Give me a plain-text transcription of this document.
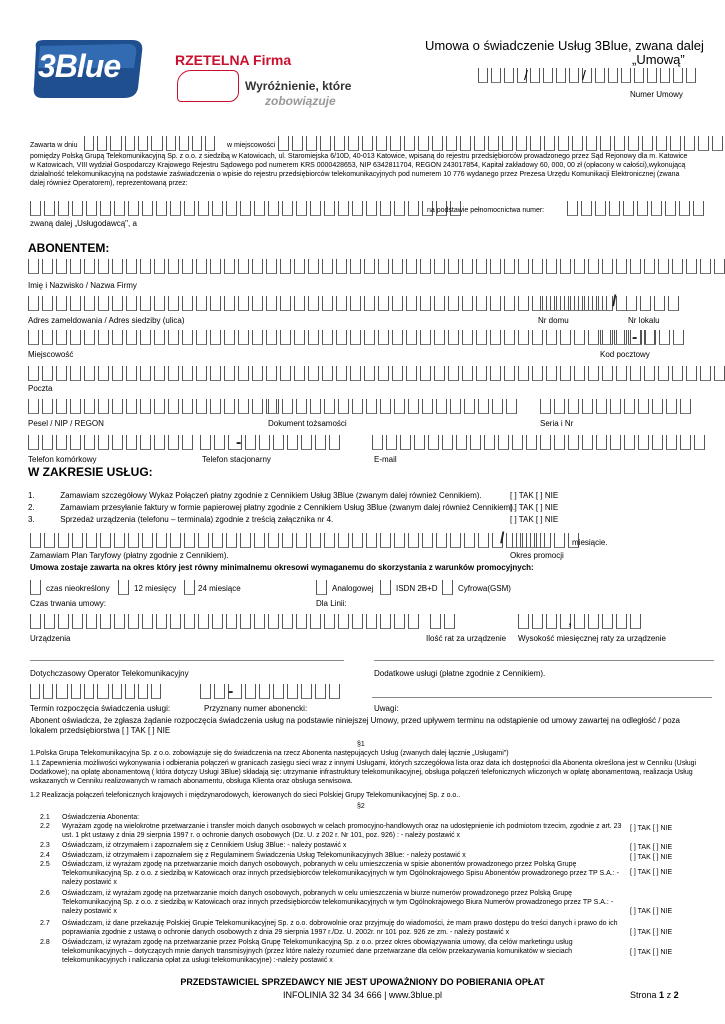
3Blue	RZETELNA Firma
Wyróżnienie, które
zobowiązuje
Umowa o świadczenie Usług 3Blue, zwana dalej
„Umową”
/	/
Numer Umowy
Zawarta w dniu	w miejscowości
pomiędzy Polską Grupą Telekomunikacyjną Sp. z o.o. z siedzibą w Katowicach, ul. Staromiejska 6/10D, 40-013 Katowice, wpisaną do rejestru przedsiębiorców prowadzonego przez Sąd Rejonowy dla m. Katowice w Katowicach, VIII wydział Gospodarczy Krajowego Rejestru Sądowego pod numerem KRS 0000428653, NIP 6342811704, REGON 243017854, Kapitał zakładowy 60, 000, 00 zł (opłacony w całości),wykonującą działalność telekomunikacyjną na podstawie zaświadczenia o wpisie do rejestru przedsiębiorców telekomunikacyjnych pod numerem 10 776 wydanego przez Prezesa Urzędu Komunikacji Elektronicznej (zwana dalej również Operatorem), reprezentowaną przez:
na podstawie pełnomocnictwa numer:
zwaną dalej „Usługodawcą", a
ABONENTEM:
Imię i Nazwisko / Nazwa Firmy
/
Adres zameldowania / Adres siedziby (ulica)	Nr domu	Nr lokalu
-
Miejscowość	Kod pocztowy
Poczta
Pesel / NIP / REGON	Dokument tożsamości	Seria i Nr
-
Telefon komórkowy	Telefon stacjonarny	E-mail
W ZAKRESIE USŁUG:
1.	Zamawiam szczegółowy Wykaz Połączeń płatny zgodnie z Cennikiem Usług 3Blue (zwanym dalej również Cennikiem).	[ ] TAK [ ] NIE
2.	Zamawiam przesyłanie faktury w formie papierowej płatny zgodnie z Cennikiem Usług 3Blue (zwanym dalej również Cennikiem).
[ ] TAK [ ] NIE
3.	Sprzedaż urządzenia (telefonu – terminala) zgodnie z treścią załącznika nr 4.	[ ] TAK [ ] NIE
/	miesiącie.
Zamawiam Plan Taryfowy (płatny zgodnie z Cennikiem).	Okres promocji
Umowa zostaje zawarta na okres który jest równy minimalnemu okresowi wymaganemu do skorzystania z warunków promocyjnych:
czas nieokreślony	12 miesięcy	24 miesiące	Analogowej	ISDN 2B+D	Cyfrowa(GSM)
Czas trwania umowy:	Dla Linii:
,
Urządzenia	Ilość rat za urządzenie Wysokość miesięcznej raty za urządzenie
Dotychczasowy Operator Telekomunikacyjny	Dodatkowe usługi (płatne zgodnie z Cennikiem).
-
Termin rozpoczęcia świadczenia usługi:	Przyznany numer abonencki:	Uwagi:
Abonent oświadcza, że zgłasza żądanie rozpoczęcia świadczenia usług na podstawie niniejszej Umowy, przed upływem terminu na odstąpienie od umowy zawartej na odległość / poza lokalem przedsiębiorstwa [ ] TAK [ ] NIE
§1
1.Polska Grupa Telekomunikacyjna Sp. z o.o. zobowiązuje się do świadczenia na rzecz Abonenta następujących Usług (zwanych dalej łącznie „Usługami")
1.1 Zapewnienia możliwości wykonywania i odbierania połączeń w granicach zasięgu sieci wraz z innymi Usługami, których szczegółowa lista oraz data ich dostępności dla Abonenta określona jest w Cenniku (Usługi Dodatkowe); na opłatę abonamentową ( która dotyczy Usługi 3Blue) składają się: utrzymanie infrastruktury telekomunikacyjnej, obsługa połączeń telefonicznych wliczonych w opłatę abonamentową, realizacja Usług wskazanych w Cenniku realizowanych w ramach abonamentu, obsługa Klienta oraz obsługa serwisowa.
1.2 Realizacja połączeń telefonicznych krajowych i międzynarodowych, kierowanych do sieci Polskiej Grupy Telekomunikacyjnej Sp. z o.o..
§2
2.1 Oświadczenia Abonenta:
2.2 Wyrażam zgodę na wielokrotne przetwarzanie i transfer moich danych osobowych w celach promocyjno-handlowych oraz na udostępnienie ich podmiotom trzecim, zgodnie z art. 23 ust. 1 pkt ustawy z dnia 29 sierpnia 1997 r. o ochronie danych osobowych (Dz. U. z 202 r. Nr 101, poz. 926) : - należy postawić x
[ ] TAK [ ] NIE
2.3 Oświadczam, iż otrzymałem i zapoznałem się z Cennikiem Usług 3Blue: - należy postawić x	[ ] TAK [ ] NIE
2.4 Oświadczam, iż otrzymałem i zapoznałem się z Regulaminem Świadczenia Usług Telekomunikacyjnych 3Blue: - należy postawić x	[ ] TAK [ ] NIE
2.5 Oświadczam, iż wyrażam zgodę na przetwarzanie moich danych osobowych, pobranych w celu umieszczenia w spisie abonentów prowadzonego przez Polską Grupę Telekomunikacyjną Sp. z o.o. z siedzibą w Katowicach oraz innych przedsiębiorców telekomunikacyjnych w tym Ogólnokrajowego Spisu Abonentów prowadzonego przez TP S.A.: - należy postawić x
[ ] TAK [ ] NIE
2.6 Oświadczam, iż wyrażam zgodę na przetwarzanie moich danych osobowych, pobranych w celu umieszczenia w biurze numerów prowadzonego przez Polską Grupę Telekomunikacyjną Sp. z o.o. z siedzibą w Katowicach oraz innych przedsiębiorców telekomunikacyjnych w tym Ogólnokrajowego Biura Numerów prowadzonego przez TP S.A.: - należy postawić x	[ ] TAK [ ] NIE
2.7 Oświadczam, iż dane przekazuję Polskiej Grupie Telekomunikacyjnej Sp. z o.o. dobrowolnie oraz przyjmuję do wiadomości, że mam prawo dostępu do treści danych i prawo do ich poprawiania zgodnie z ustawą o ochronie danych osobowych z dnia 29 sierpnia 1997 r./Dz. U. 2002r. nr 101 poz. 926 ze zm. - należy postawić x	[ ] TAK [ ] NIE
2.8 Oświadczam, iż wyrażam zgodę na przetwarzanie przez Polską Grupę Telekomunikacyjną Sp. z o.o. przez okres obowiązywania umowy, dla celów marketingu usług telekomunikacyjnych – dotyczących mnie danych transmisyjnych (przez które należy rozumieć dane przetwarzane dla celów przekazywania komunikatów w sieciach telekomunikacyjnych i naliczania opłat za usługi telekomunikacyjne) :-należy postawić x
[ ] TAK [ ] NIE
PRZEDSTAWICIEL SPRZEDAWCY NIE JEST UPOWAŻNIONY DO POBIERANIA OPŁAT
INFOLINIA 32 34 34 666 | www.3blue.pl	Strona 1 z 2
